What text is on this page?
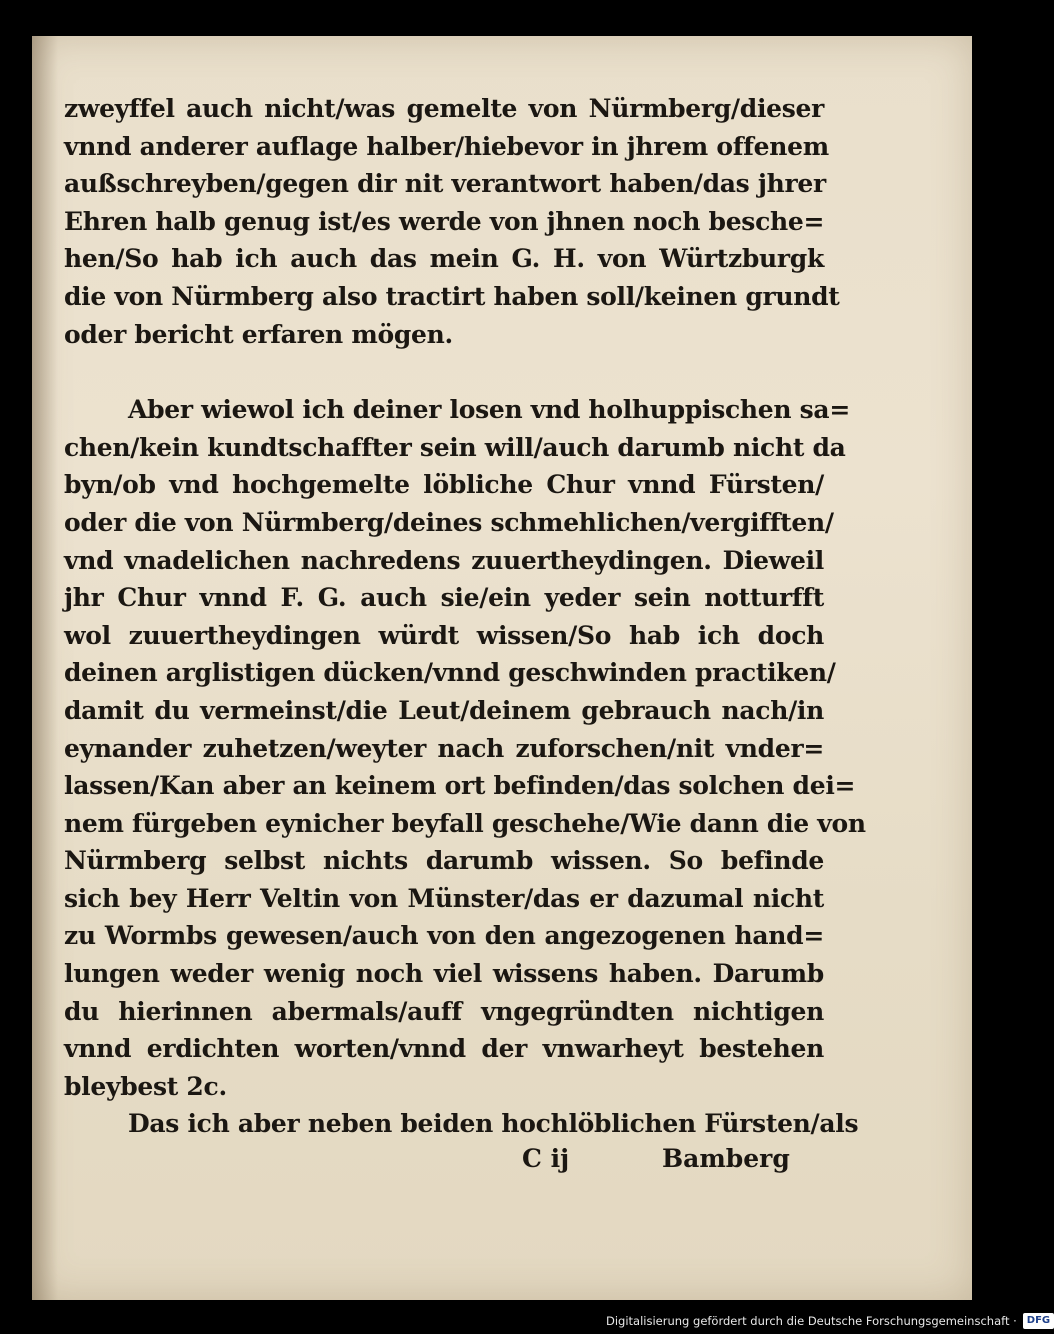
zweyffel auch nicht/was gemelte von Nürmberg/dieser
vnnd anderer auflage halber/hiebevor in jhrem offenem
außschreyben/gegen dir nit verantwort haben/das jhrer
Ehren halb genug ist/es werde von jhnen noch besche=
hen/So hab ich auch das mein G. H. von Würtzburgk
die von Nürmberg also tractirt haben soll/keinen grundt
oder bericht erfaren mögen.
Aber wiewol ich deiner losen vnd holhuppischen sa=
chen/kein kundtschaffter sein will/auch darumb nicht da
byn/ob vnd hochgemelte löbliche Chur vnnd Fürsten/
oder die von Nürmberg/deines schmehlichen/vergifften/
vnd vnadelichen nachredens zuuertheydingen. Dieweil
jhr Chur vnnd F. G. auch sie/ein yeder sein notturfft
wol zuuertheydingen würdt wissen/So hab ich doch
deinen arglistigen dücken/vnnd geschwinden practiken/
damit du vermeinst/die Leut/deinem gebrauch nach/in
eynander zuhetzen/weyter nach zuforschen/nit vnder=
lassen/Kan aber an keinem ort befinden/das solchen dei=
nem fürgeben eynicher beyfall geschehe/Wie dann die von
Nürmberg selbst nichts darumb wissen. So befinde
sich bey Herr Veltin von Münster/das er dazumal nicht
zu Wormbs gewesen/auch von den angezogenen hand=
lungen weder wenig noch viel wissens haben. Darumb
du hierinnen abermals/auff vngegründten nichtigen
vnnd erdichten worten/vnnd der vnwarheyt bestehen
bleybest 2c.
Das ich aber neben beiden hochlöblichen Fürsten/als
C ij	Bamberg
Digitalisierung gefördert durch die Deutsche Forschungsgemeinschaft ·	DFG
